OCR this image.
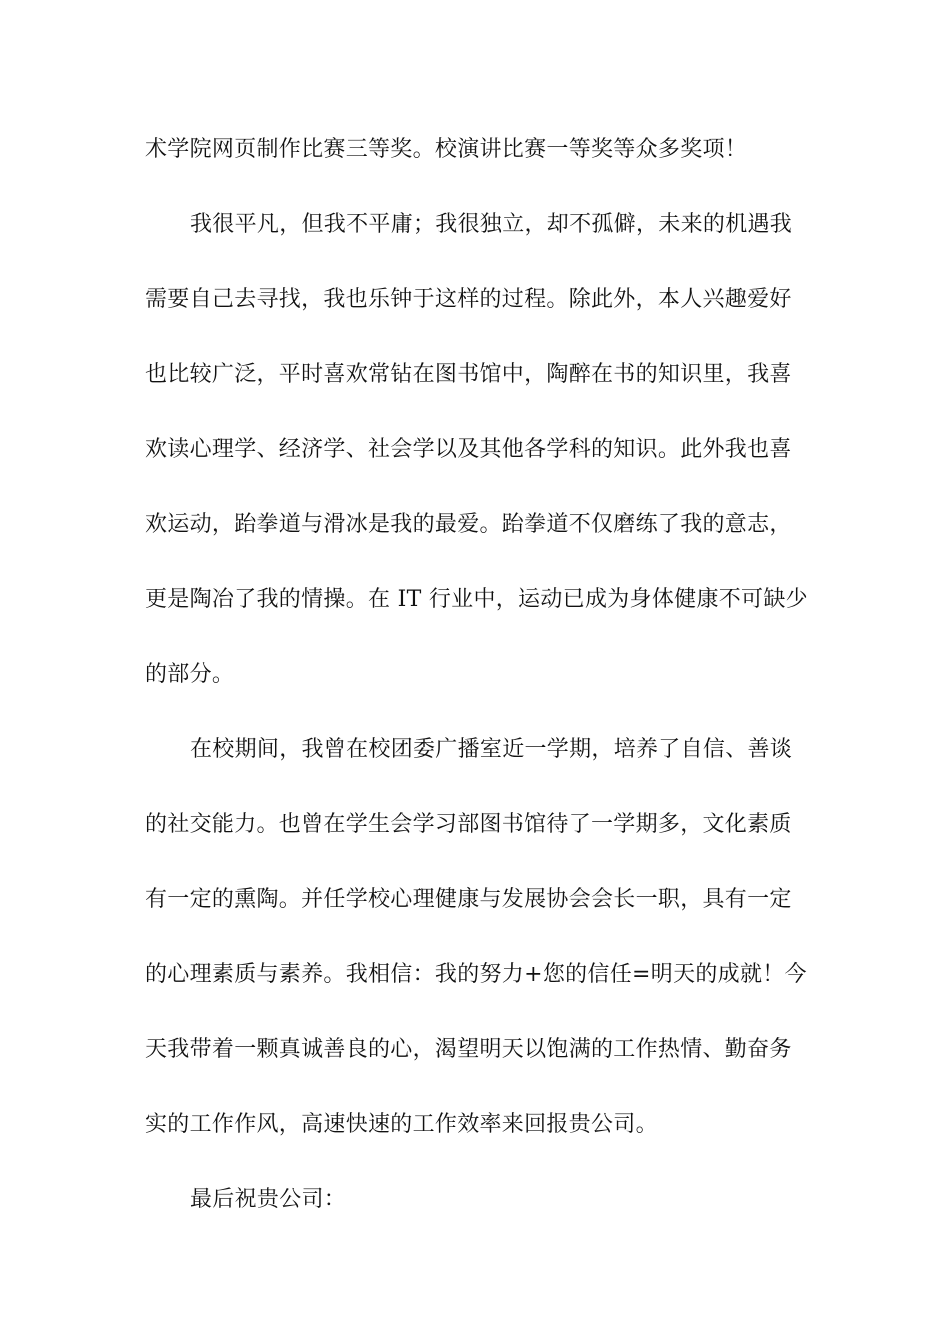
术学院网页制作比赛三等奖。校演讲比赛一等奖等众多奖项！
我很平凡，但我不平庸；我很独立，却不孤僻，未来的机遇我
需要自己去寻找，我也乐钟于这样的过程。除此外，本人兴趣爱好
也比较广泛，平时喜欢常钻在图书馆中，陶醉在书的知识里，我喜
欢读心理学、经济学、社会学以及其他各学科的知识。此外我也喜
欢运动，跆拳道与滑冰是我的最爱。跆拳道不仅磨练了我的意志，
更是陶冶了我的情操。在 IT 行业中，运动已成为身体健康不可缺少
的部分。
在校期间，我曾在校团委广播室近一学期，培养了自信、善谈
的社交能力。也曾在学生会学习部图书馆待了一学期多，文化素质
有一定的熏陶。并任学校心理健康与发展协会会长一职，具有一定
的心理素质与素养。我相信：我的努力+您的信任=明天的成就！今
天我带着一颗真诚善良的心，渴望明天以饱满的工作热情、勤奋务
实的工作作风，高速快速的工作效率来回报贵公司。
最后祝贵公司：
